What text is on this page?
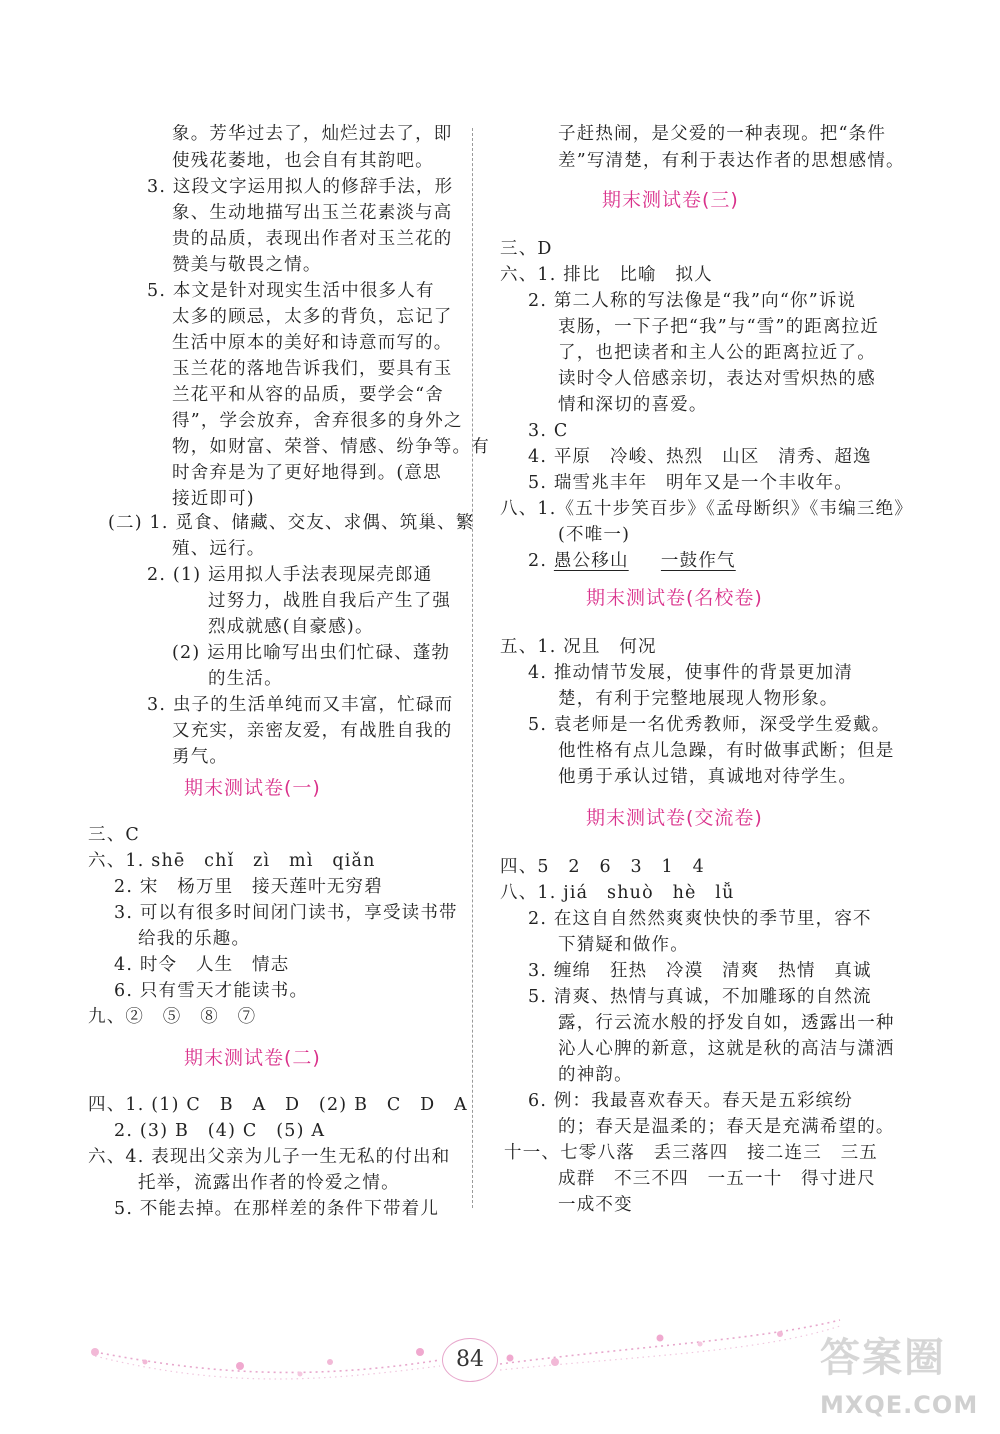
象。芳华过去了，灿烂过去了，即
使残花萎地，也会自有其韵吧。
3. 这段文字运用拟人的修辞手法，形
象、生动地描写出玉兰花素淡与高
贵的品质，表现出作者对玉兰花的
赞美与敬畏之情。
5. 本文是针对现实生活中很多人有
太多的顾忌，太多的背负，忘记了
生活中原本的美好和诗意而写的。
玉兰花的落地告诉我们，要具有玉
兰花平和从容的品质，要学会“舍
得”，学会放弃，舍弃很多的身外之
物，如财富、荣誉、情感、纷争等。有
时舍弃是为了更好地得到。(意思
接近即可)
(二) 1. 觅食、储藏、交友、求偶、筑巢、繁
殖、远行。
2. (1) 运用拟人手法表现屎壳郎通
过努力，战胜自我后产生了强
烈成就感(自豪感)。
(2) 运用比喻写出虫们忙碌、蓬勃
的生活。
3. 虫子的生活单纯而又丰富，忙碌而
又充实，亲密友爱，有战胜自我的
勇气。
期末测试卷(一)
三、C
六、1. shē　chǐ　zì　mì　qiǎn
2. 宋　杨万里　接天莲叶无穷碧
3. 可以有很多时间闭门读书，享受读书带
给我的乐趣。
4. 时令　人生　情志
6. 只有雪天才能读书。
九、②　⑤　⑧　⑦
期末测试卷(二)
四、1. (1) C　B　A　D　(2) B　C　D　A
2. (3) B　(4) C　(5) A
六、4. 表现出父亲为儿子一生无私的付出和
托举，流露出作者的怜爱之情。
5. 不能去掉。在那样差的条件下带着儿
子赶热闹，是父爱的一种表现。把“条件
差”写清楚，有利于表达作者的思想感情。
期末测试卷(三)
三、D
六、1. 排比　比喻　拟人
2. 第二人称的写法像是“我”向“你”诉说
衷肠，一下子把“我”与“雪”的距离拉近
了，也把读者和主人公的距离拉近了。
读时令人倍感亲切，表达对雪炽热的感
情和深切的喜爱。
3. C
4. 平原　冷峻、热烈　山区　清秀、超逸
5. 瑞雪兆丰年　明年又是一个丰收年。
八、1.《五十步笑百步》《孟母断织》《韦编三绝》
(不唯一)
2. 愚公移山 　 一鼓作气
期末测试卷(名校卷)
五、1. 况且　何况
4. 推动情节发展，使事件的背景更加清
楚，有利于完整地展现人物形象。
5. 袁老师是一名优秀教师，深受学生爱戴。
他性格有点儿急躁，有时做事武断；但是
他勇于承认过错，真诚地对待学生。
期末测试卷(交流卷)
四、5　2　6　3　1　4
八、1. jiá　shuò　hè　lǚ
2. 在这自自然然爽爽快快的季节里，容不
下猜疑和做作。
3. 缠绵　狂热　冷漠　清爽　热情　真诚
5. 清爽、热情与真诚，不加雕琢的自然流
露，行云流水般的抒发自如，透露出一种
沁人心脾的新意，这就是秋的高洁与潇洒
的神韵。
6. 例：我最喜欢春天。春天是五彩缤纷
的；春天是温柔的；春天是充满希望的。
十一、七零八落　丢三落四　接二连三　三五
成群　不三不四　一五一十　得寸进尺
一成不变
84	答案圈
MXQE.COM
